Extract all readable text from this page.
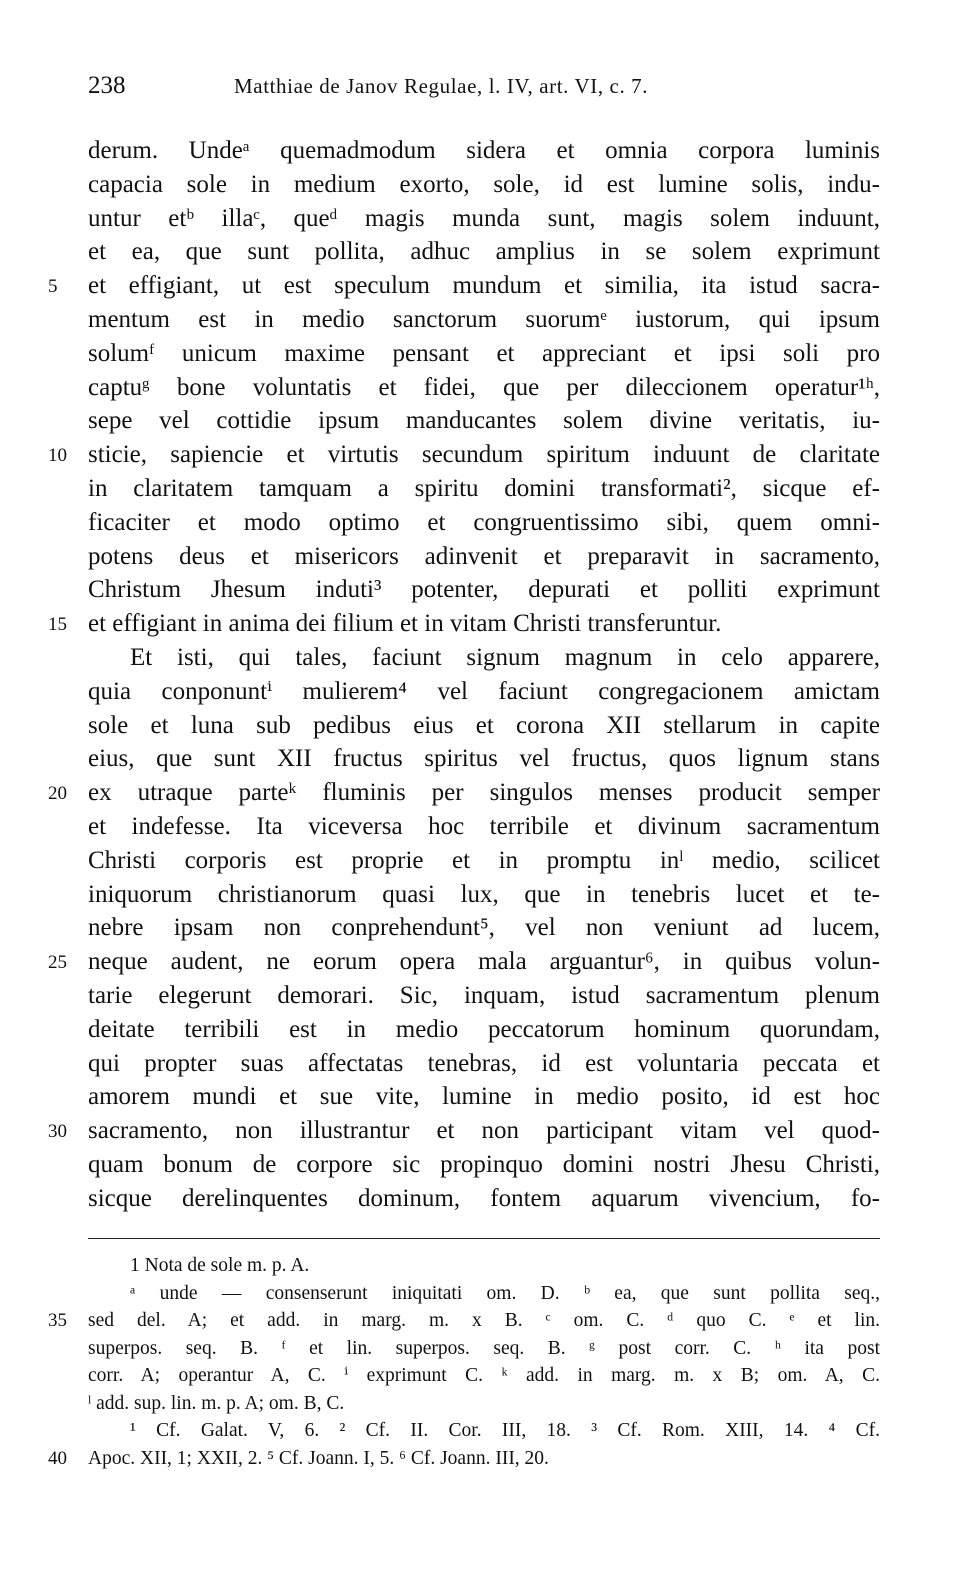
238	Matthiae de Janov Regulae, l. IV, art. VI, c. 7.
derum. Undeᵃ quemadmodum sidera et omnia corpora luminis
capacia sole in medium exorto, sole, id est lumine solis, indu-
untur etᵇ illaᶜ, queᵈ magis munda sunt, magis solem induunt,
et ea, que sunt pollita, adhuc amplius in se solem exprimunt
5	et effigiant, ut est speculum mundum et similia, ita istud sacra-
mentum est in medio sanctorum suorumᵉ iustorum, qui ipsum
solumᶠ unicum maxime pensant et appreciant et ipsi soli pro
captuᵍ bone voluntatis et fidei, que per dileccionem operatur¹ʰ,
sepe vel cottidie ipsum manducantes solem divine veritatis, iu-
10 sticie, sapiencie et virtutis secundum spiritum induunt de claritate
in claritatem tamquam a spiritu domini transformati², sicque ef-
ficaciter et modo optimo et congruentissimo sibi, quem omni-
potens deus et misericors adinvenit et preparavit in sacramento,
Christum Jhesum induti³ potenter, depurati et polliti exprimunt
15 et effigiant in anima dei filium et in vitam Christi transferuntur.
Et isti, qui tales, faciunt signum magnum in celo apparere,
quia conponuntⁱ mulierem⁴ vel faciunt congregacionem amictam
sole et luna sub pedibus eius et corona XII stellarum in capite
eius, que sunt XII fructus spiritus vel fructus, quos lignum stans
20 ex utraque parteᵏ fluminis per singulos menses producit semper
et indefesse. Ita viceversa hoc terribile et divinum sacramentum
Christi corporis est proprie et in promptu inˡ medio, scilicet
iniquorum christianorum quasi lux, que in tenebris lucet et te-
nebre ipsam non conprehendunt⁵, vel non veniunt ad lucem,
25 neque audent, ne eorum opera mala arguantur⁶, in quibus volun-
tarie elegerunt demorari. Sic, inquam, istud sacramentum plenum
deitate terribili est in medio peccatorum hominum quorundam,
qui propter suas affectatas tenebras, id est voluntaria peccata et
amorem mundi et sue vite, lumine in medio posito, id est hoc
30 sacramento, non illustrantur et non participant vitam vel quod-
quam bonum de corpore sic propinquo domini nostri Jhesu Christi,
sicque derelinquentes dominum, fontem aquarum vivencium, fo-
1 Nota de sole m. p. A.
ᵃ unde — consenserunt iniquitati om. D. ᵇ ea, que sunt pollita seq.,
35	sed del. A; et add. in marg. m. x B. ᶜ om. C. ᵈ quo C. ᵉ et lin.
superpos. seq. B. ᶠ et lin. superpos. seq. B. ᵍ post corr. C. ʰ ita post
corr. A; operantur A, C. ⁱ exprimunt C. ᵏ add. in marg. m. x B; om. A, C.
ˡ add. sup. lin. m. p. A; om. B, C.
¹ Cf. Galat. V, 6. ² Cf. II. Cor. III, 18. ³ Cf. Rom. XIII, 14. ⁴ Cf.
40	Apoc. XII, 1; XXII, 2. ⁵ Cf. Joann. I, 5. ⁶ Cf. Joann. III, 20.
